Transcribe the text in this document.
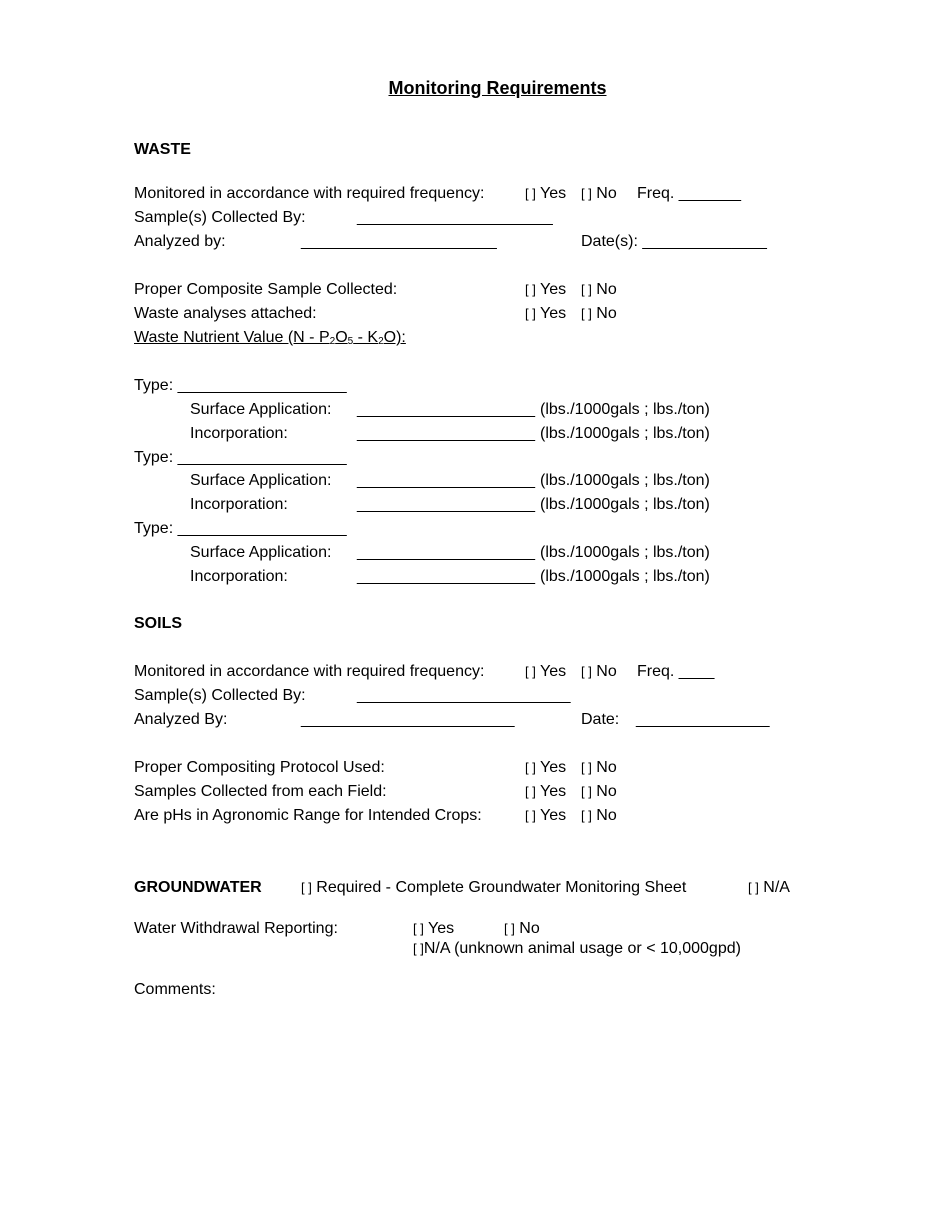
Monitoring Requirements
WASTE
Monitored in accordance with required frequency:	[ ] Yes [ ] No Freq. _______
Sample(s) Collected By:	______________________
Analyzed by:	______________________	Date(s): ______________
Proper Composite Sample Collected:	[ ] Yes [ ] No
Waste analyses attached:	[ ] Yes [ ] No
Waste Nutrient Value $(N - P_2O_5 - K_2O)$:
Type: ___________________
Surface Application: ____________________ (lbs./1000gals ; lbs./ton)
Incorporation:	____________________ (lbs./1000gals ; lbs./ton)
Type: ___________________
Surface Application: ____________________ (lbs./1000gals ; lbs./ton)
Incorporation:	____________________ (lbs./1000gals ; lbs./ton)
Type: ___________________
Surface Application: ____________________ (lbs./1000gals ; lbs./ton)
Incorporation:	____________________ (lbs./1000gals ; lbs./ton)
SOILS
Monitored in accordance with required frequency:	[ ] Yes [ ] No Freq. ____
Sample(s) Collected By:	________________________
Analyzed By:	________________________	Date: _______________
Proper Compositing Protocol Used:	[ ] Yes [ ] No
Samples Collected from each Field:	[ ] Yes [ ] No
Are pHs in Agronomic Range for Intended Crops:	[ ] Yes [ ] No
GROUNDWATER	[ ] Required - Complete Groundwater Monitoring Sheet	[ ] N/A
Water Withdrawal Reporting:	[ ] Yes	[ ] No
[ ]N/A (unknown animal usage or < 10,000gpd)
Comments:
